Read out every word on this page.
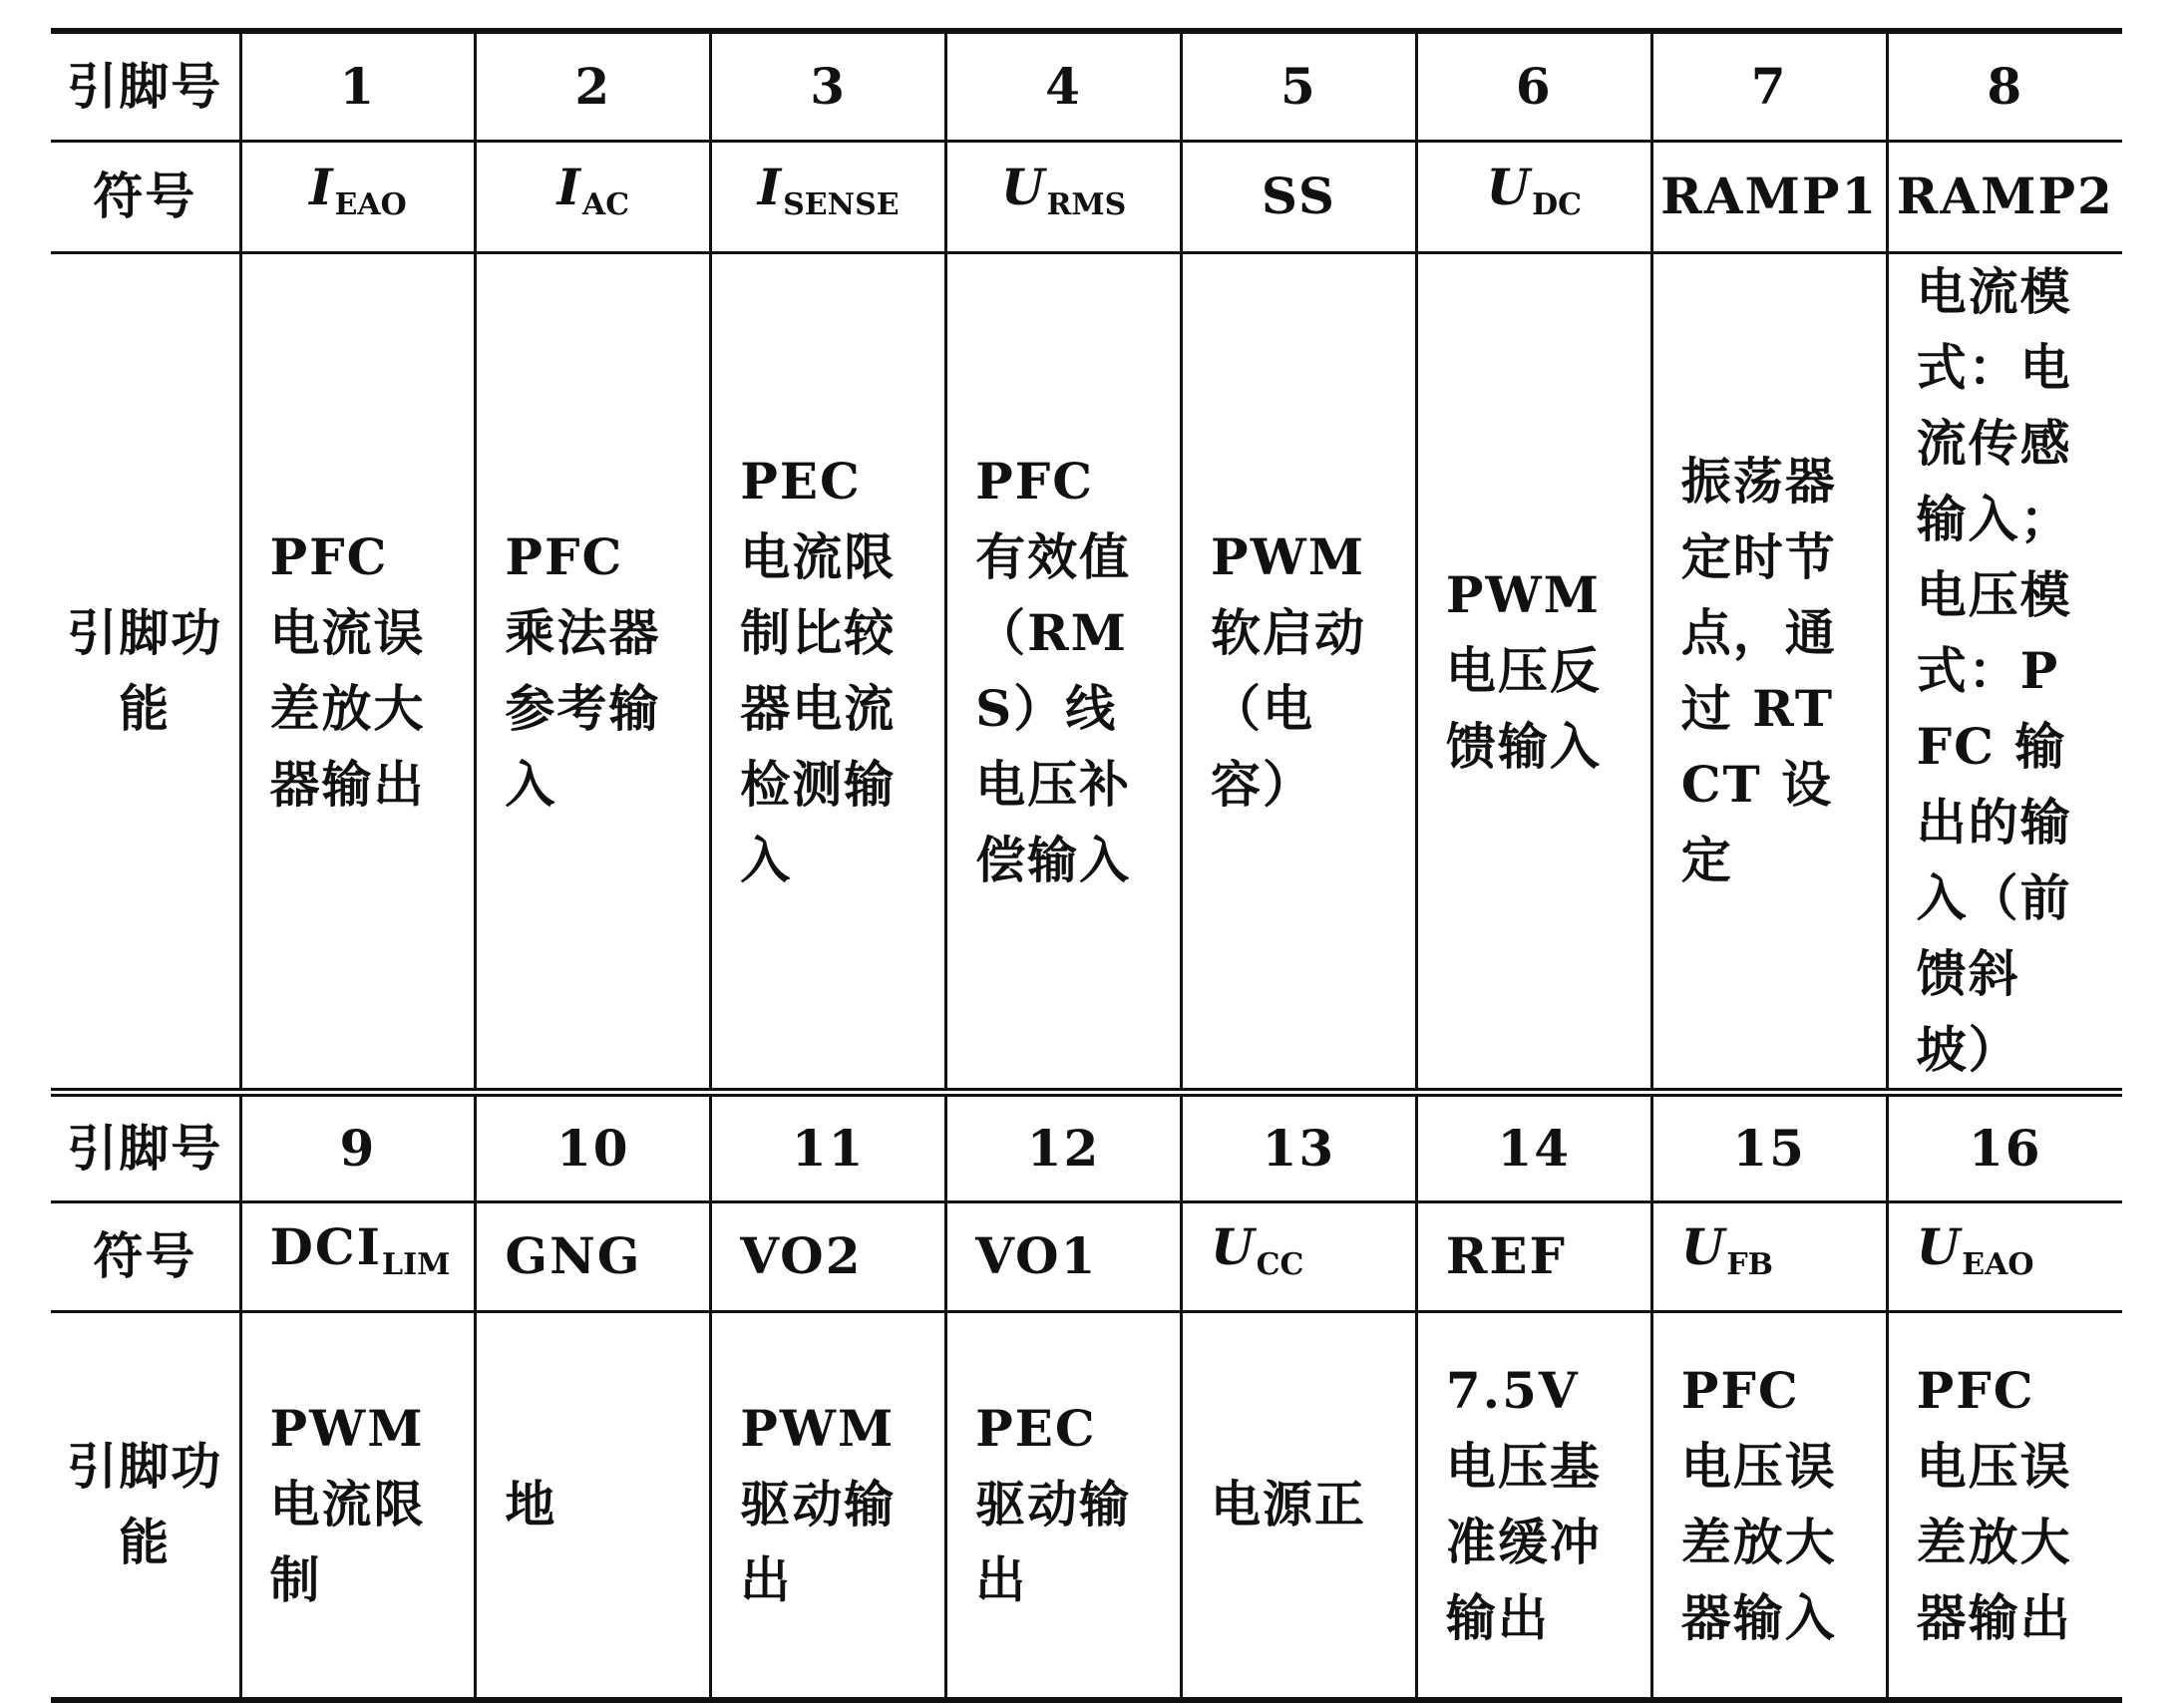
引脚号	1	2	3	4	5	6	7	8
符号	$I_{EAO}$	$I_{AC}$	$I_{SENSE}$	$U_{RMS}$	SS	$U_{DC}$	RAMP1	RAMP2
引脚功能	PFC 电流误差放大器输出	PFC 乘法器参考输入	PEC 电流限制比较器电流检测输入	PFC 有效值（RMS）线电压补偿输入	PWM 软启动（电容）	PWM 电压反馈输入	振荡器定时节点，通过 RTCT 设定	电流模式：电流传感输入；电压模式：PFC 输出的输入（前馈斜坡）
引脚号	9	10	11	12	13	14	15	16
符号	$DCI_{LIM}$	GNG	VO2	VO1	$U_{CC}$	REF	$U_{FB}$	$U_{EAO}$
引脚功能	PWM 电流限制	地	PWM 驱动输出	PEC 驱动输出	电源正	7.5V 电压基准缓冲输出	PFC 电压误差放大器输入	PFC 电压误差放大器输出
